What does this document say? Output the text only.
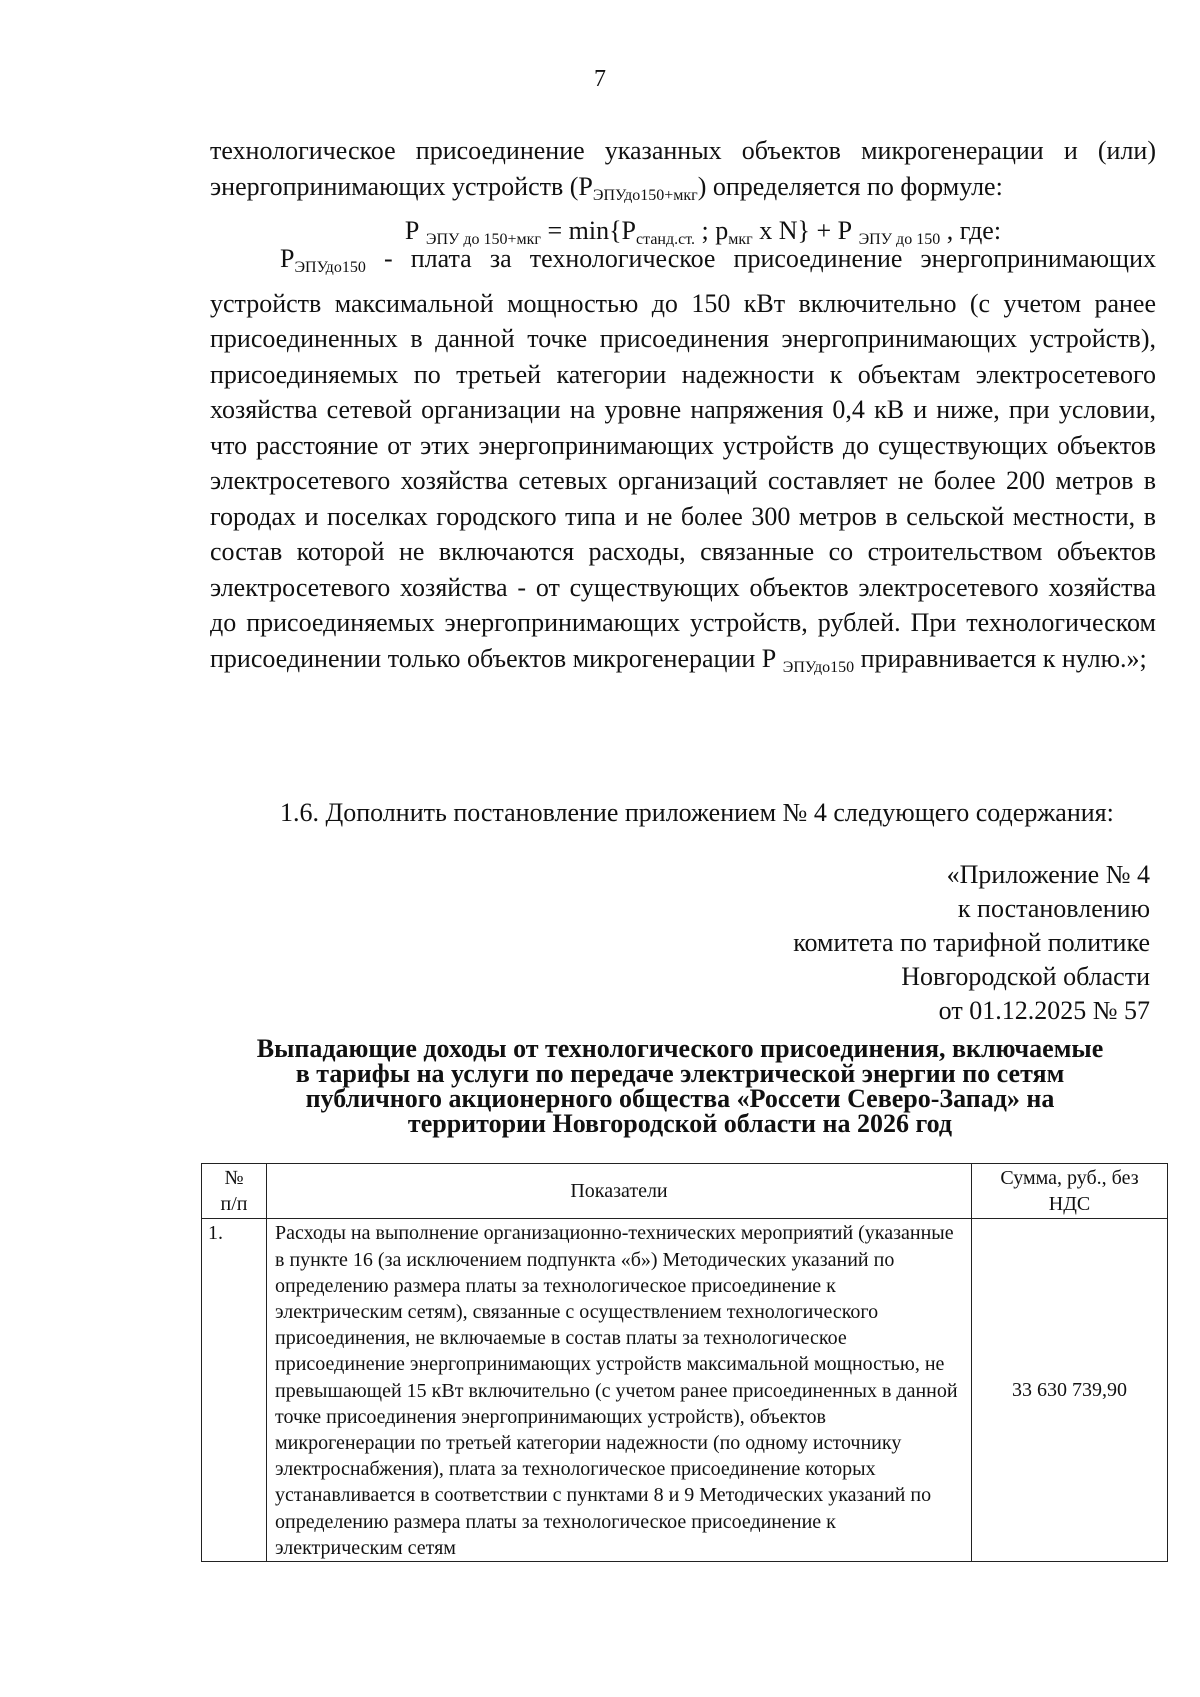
7
технологическое присоединение указанных объектов микрогенерации и (или)
энергопринимающих устройств $(Р_{ЭПУдо150+мкг})$ определяется по формуле:
Р $_{ЭПУ до 150+мкг} = \min\{Р_{станд.ст.}$ ; $р_{мкг}$ x N} + Р $_{ЭПУ до 150}$ , где:

$Р_{ЭПУдо150}$ - плата за технологическое присоединение энергопринимающих устройств максимальной мощностью до 150 кВт включительно (с учетом ранее присоединенных в данной точке присоединения энергопринимающих устройств), присоединяемых по третьей категории надежности к объектам электросетевого хозяйства сетевой организации на уровне напряжения 0,4 кВ и ниже, при условии, что расстояние от этих энергопринимающих устройств до существующих объектов электросетевого хозяйства сетевых организаций составляет не более 200 метров в городах и поселках городского типа и не более 300 метров в сельской местности, в состав которой не включаются расходы, связанные со строительством объектов электросетевого хозяйства - от существующих объектов электросетевого хозяйства до присоединяемых энергопринимающих устройств, рублей. При технологическом присоединении только объектов микрогенерации Р $_{ЭПУдо150}$ приравнивается к нулю.»;

1.6. Дополнить постановление приложением № 4 следующего содержания:

«Приложение № 4
к постановлению
комитета по тарифной политике
Новгородской области
от 01.12.2025 № 57
Выпадающие доходы от технологического присоединения, включаемые
в тарифы на услуги по передаче электрической энергии по сетям
публичного акционерного общества «Россети Северо-Запад» на
территории Новгородской области на 2026 год
№
п/п	Показатели	Сумма, руб., без НДС
1.	Расходы на выполнение организационно-технических мероприятий (указанные в пункте 16 (за исключением подпункта «б») Методических указаний по определению размера платы за технологическое присоединение к электрическим сетям), связанные с осуществлением технологического присоединения, не включаемые в состав платы за технологическое присоединение энергопринимающих устройств максимальной мощностью, не превышающей 15 кВт включительно (с учетом ранее присоединенных в данной точке присоединения энергопринимающих устройств), объектов микрогенерации по третьей категории надежности (по одному источнику электроснабжения), плата за технологическое присоединение которых устанавливается в соответствии с пунктами 8 и 9 Методических указаний по определению размера платы за технологическое присоединение к электрическим сетям	33 630 739,90
